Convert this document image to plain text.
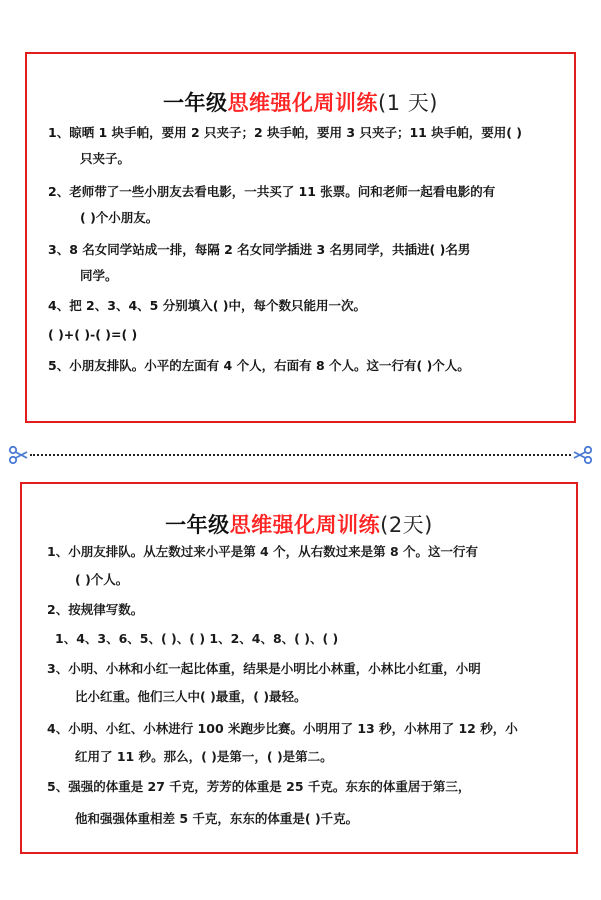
一年级思维强化周训练(1 天)
1、晾晒 1 块手帕，要用 2 只夹子；2 块手帕，要用 3 只夹子；11 块手帕，要用( )
只夹子。
2、老师带了一些小朋友去看电影，一共买了 11 张票。问和老师一起看电影的有
( )个小朋友。
3、8 名女同学站成一排，每隔 2 名女同学插进 3 名男同学，共插进( )名男
同学。
4、把 2、3、4、5 分别填入( )中，每个数只能用一次。
( )+( )-( )=( )
5、小朋友排队。小平的左面有 4 个人，右面有 8 个人。这一行有( )个人。
一年级思维强化周训练(2天)
1、小朋友排队。从左数过来小平是第 4 个，从右数过来是第 8 个。这一行有
( )个人。
2、按规律写数。
1、4、3、6、5、( )、( ) 1、2、4、8、( )、( )
3、小明、小林和小红一起比体重，结果是小明比小林重，小林比小红重，小明
比小红重。他们三人中( )最重，( )最轻。
4、小明、小红、小林进行 100 米跑步比赛。小明用了 13 秒，小林用了 12 秒，小
红用了 11 秒。那么，( )是第一，( )是第二。
5、强强的体重是 27 千克，芳芳的体重是 25 千克。东东的体重居于第三，
他和强强体重相差 5 千克，东东的体重是( )千克。
